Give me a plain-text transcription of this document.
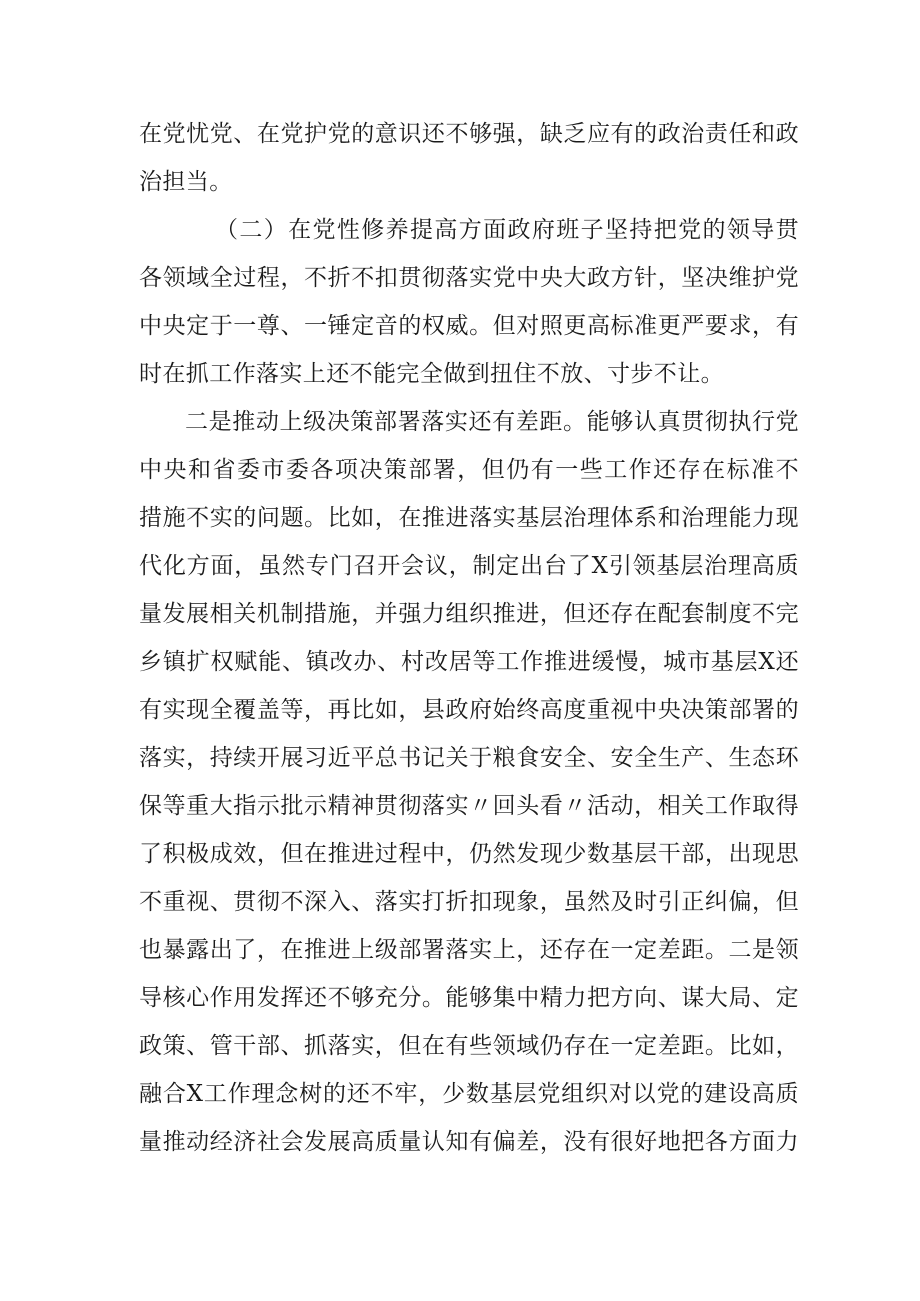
在党忧党、在党护党的意识还不够强，缺乏应有的政治责任和政
治担当。
（二）在党性修养提高方面政府班子坚持把党的领导贯
各领域全过程，不折不扣贯彻落实党中央大政方针，坚决维护党
中央定于一尊、一锤定音的权威。但对照更高标准更严要求，有
时在抓工作落实上还不能完全做到扭住不放、寸步不让。
二是推动上级决策部署落实还有差距。能够认真贯彻执行党
中央和省委市委各项决策部署，但仍有一些工作还存在标准不
措施不实的问题。比如，在推进落实基层治理体系和治理能力现
代化方面，虽然专门召开会议，制定出台了X引领基层治理高质
量发展相关机制措施，并强力组织推进，但还存在配套制度不完
乡镇扩权赋能、镇改办、村改居等工作推进缓慢，城市基层X还
有实现全覆盖等，再比如，县政府始终高度重视中央决策部署的
落实，持续开展习近平总书记关于粮食安全、安全生产、生态环
保等重大指示批示精神贯彻落实〃回头看〃活动，相关工作取得
了积极成效，但在推进过程中，仍然发现少数基层干部，出现思
不重视、贯彻不深入、落实打折扣现象，虽然及时引正纠偏，但
也暴露出了，在推进上级部署落实上，还存在一定差距。二是领
导核心作用发挥还不够充分。能够集中精力把方向、谋大局、定
政策、管干部、抓落实，但在有些领域仍存在一定差距。比如，
融合X工作理念树的还不牢，少数基层党组织对以党的建设高质
量推动经济社会发展高质量认知有偏差，没有很好地把各方面力
